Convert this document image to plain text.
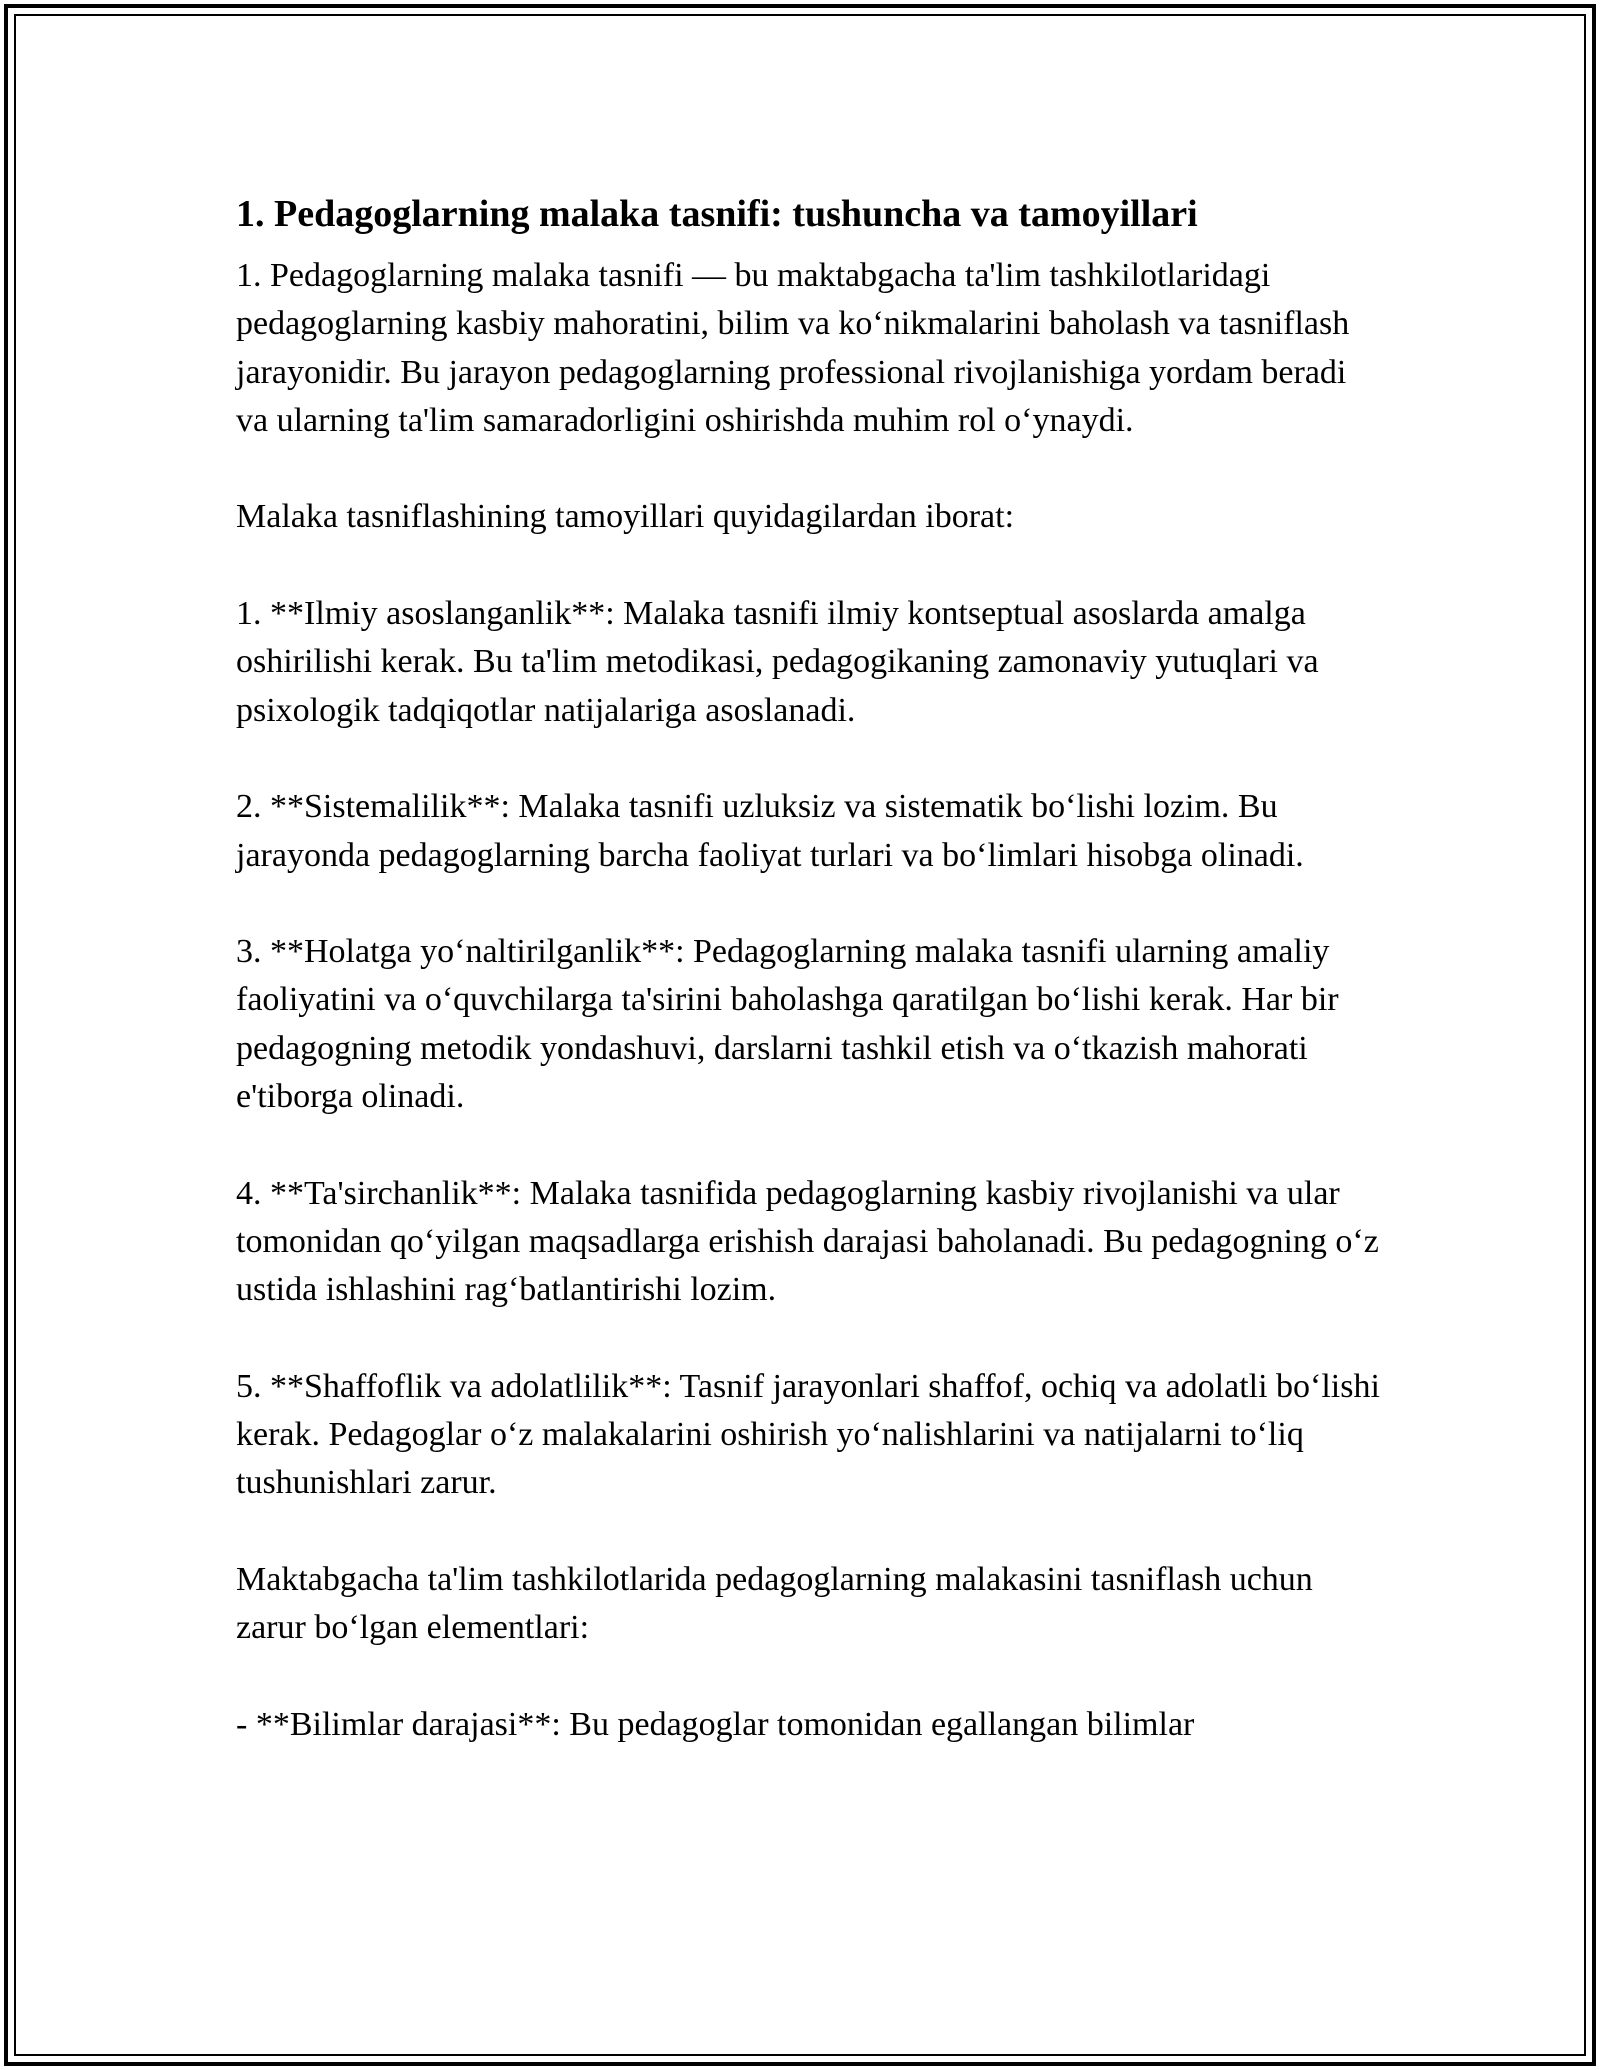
1. Pedagoglarning malaka tasnifi: tushuncha va tamoyillari

1. Pedagoglarning malaka tasnifi — bu maktabgacha ta'lim tashkilotlaridagi pedagoglarning kasbiy mahoratini, bilim va ko‘nikmalarini baholash va tasniflash jarayonidir. Bu jarayon pedagoglarning professional rivojlanishiga yordam beradi va ularning ta'lim samaradorligini oshirishda muhim rol o‘ynaydi.

Malaka tasniflashining tamoyillari quyidagilardan iborat:

1. **Ilmiy asoslanganlik**: Malaka tasnifi ilmiy kontseptual asoslarda amalga oshirilishi kerak. Bu ta'lim metodikasi, pedagogikaning zamonaviy yutuqlari va psixologik tadqiqotlar natijalariga asoslanadi.

2. **Sistemalilik**: Malaka tasnifi uzluksiz va sistematik bo‘lishi lozim. Bu jarayonda pedagoglarning barcha faoliyat turlari va bo‘limlari hisobga olinadi.

3. **Holatga yo‘naltirilganlik**: Pedagoglarning malaka tasnifi ularning amaliy faoliyatini va o‘quvchilarga ta'sirini baholashga qaratilgan bo‘lishi kerak. Har bir pedagogning metodik yondashuvi, darslarni tashkil etish va o‘tkazish mahorati e'tiborga olinadi.

4. **Ta'sirchanlik**: Malaka tasnifida pedagoglarning kasbiy rivojlanishi va ular tomonidan qo‘yilgan maqsadlarga erishish darajasi baholanadi. Bu pedagogning o‘z ustida ishlashini rag‘batlantirishi lozim.

5. **Shaffoflik va adolatlilik**: Tasnif jarayonlari shaffof, ochiq va adolatli bo‘lishi kerak. Pedagoglar o‘z malakalarini oshirish yo‘nalishlarini va natijalarni to‘liq tushunishlari zarur.

Maktabgacha ta'lim tashkilotlarida pedagoglarning malakasini tasniflash uchun zarur bo‘lgan elementlari:

- **Bilimlar darajasi**: Bu pedagoglar tomonidan egallangan bilimlar
